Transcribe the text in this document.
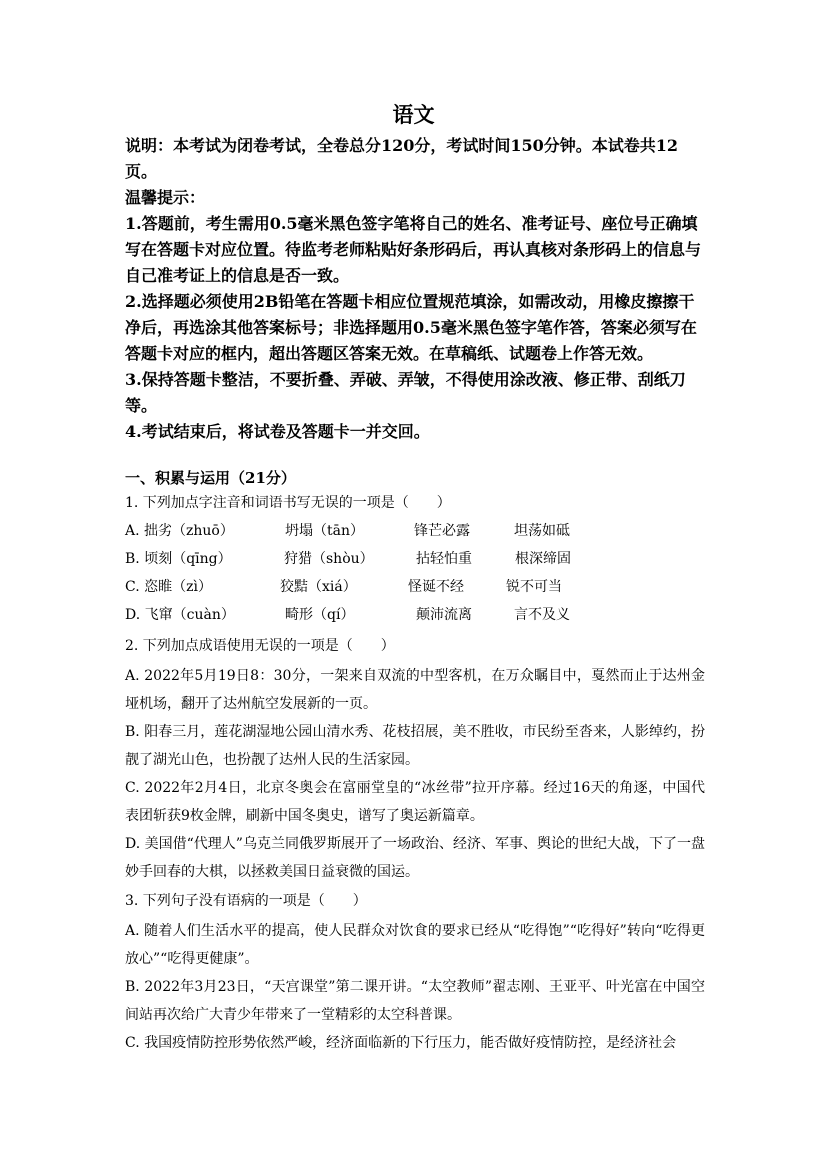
语文

说明：本考试为闭卷考试，全卷总分120分，考试时间150分钟。本试卷共12页。

温馨提示：

1.答题前，考生需用0.5毫米黑色签字笔将自己的姓名、准考证号、座位号正确填写在答题卡对应位置。待监考老师粘贴好条形码后，再认真核对条形码上的信息与自己准考证上的信息是否一致。

2.选择题必须使用2B铅笔在答题卡相应位置规范填涂，如需改动，用橡皮擦擦干净后，再选涂其他答案标号；非选择题用0.5毫米黑色签字笔作答，答案必须写在答题卡对应的框内，超出答题区答案无效。在草稿纸、试题卷上作答无效。

3.保持答题卡整洁，不要折叠、弄破、弄皱，不得使用涂改液、修正带、刮纸刀等。

4.考试结束后，将试卷及答题卡一并交回。

一、积累与运用（21分）
1. 下列加点字注音和词语书写无误的一项是（　　）
A. 拙劣（zhuō）	坍塌（tān）	锋芒必露	坦荡如砥
B. 顷刻（qīng）	狩猎（shòu）	拈轻怕重	根深缔固
C. 恣睢（zì）	狡黠（xiá）	怪诞不经	锐不可当
D. 飞窜（cuàn）	畸形（qí）	颠沛流离	言不及义
2. 下列加点成语使用无误的一项是（　　）

A. 2022年5月19日8：30分，一架来自双流的中型客机，在万众瞩目中，戛然而止于达州金垭机场，翻开了达州航空发展新的一页。

B. 阳春三月，莲花湖湿地公园山清水秀、花枝招展，美不胜收，市民纷至沓来，人影绰约，扮靓了湖光山色，也扮靓了达州人民的生活家园。

C. 2022年2月4日，北京冬奥会在富丽堂皇的“冰丝带”拉开序幕。经过16天的角逐，中国代表团斩获9枚金牌，刷新中国冬奥史，谱写了奥运新篇章。

D. 美国借“代理人”乌克兰同俄罗斯展开了一场政治、经济、军事、舆论的世纪大战，下了一盘妙手回春的大棋，以拯救美国日益衰微的国运。

3. 下列句子没有语病的一项是（　　）

A. 随着人们生活水平的提高，使人民群众对饮食的要求已经从“吃得饱”“吃得好”转向“吃得更放心”“吃得更健康”。

B. 2022年3月23日，“天宫课堂”第二课开讲。“太空教师”翟志刚、王亚平、叶光富在中国空间站再次给广大青少年带来了一堂精彩的太空科普课。

C. 我国疫情防控形势依然严峻，经济面临新的下行压力，能否做好疫情防控，是经济社会
